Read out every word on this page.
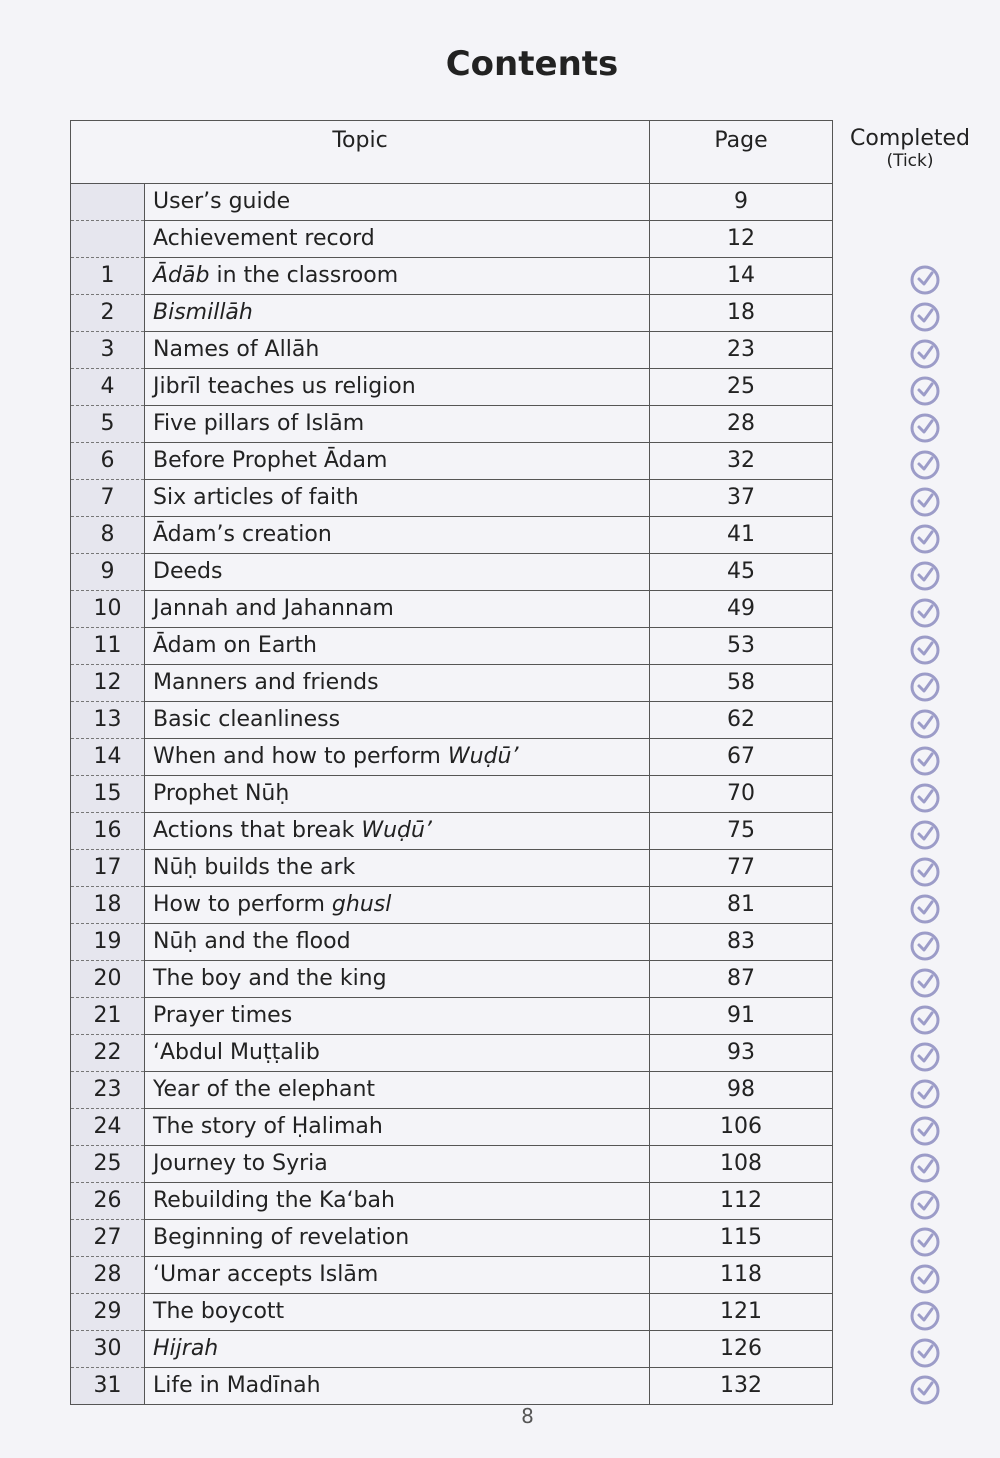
Contents
Topic		Page
	User’s guide	9
	Achievement record	12
1	Ādāb in the classroom	14
2	Bismillāh	18
3	Names of Allāh	23
4	Jibrīl teaches us religion	25
5	Five pillars of Islām	28
6	Before Prophet Ādam	32
7	Six articles of faith	37
8	Ādam’s creation	41
9	Deeds	45
10	Jannah and Jahannam	49
11	Ādam on Earth	53
12	Manners and friends	58
13	Basic cleanliness	62
14	When and how to perform Wuḍū’	67
15	Prophet Nūḥ	70
16	Actions that break Wuḍū’	75
17	Nūḥ builds the ark	77
18	How to perform ghusl	81
19	Nūḥ and the flood	83
20	The boy and the king	87
21	Prayer times	91
22	‘Abdul Muṭṭalib	93
23	Year of the elephant	98
24	The story of Ḥalimah	106
25	Journey to Syria	108
26	Rebuilding the Ka‘bah	112
27	Beginning of revelation	115
28	‘Umar accepts Islām	118
29	The boycott	121
30	Hijrah	126
31	Life in Madīnah	132
Completed
(Tick)
8
